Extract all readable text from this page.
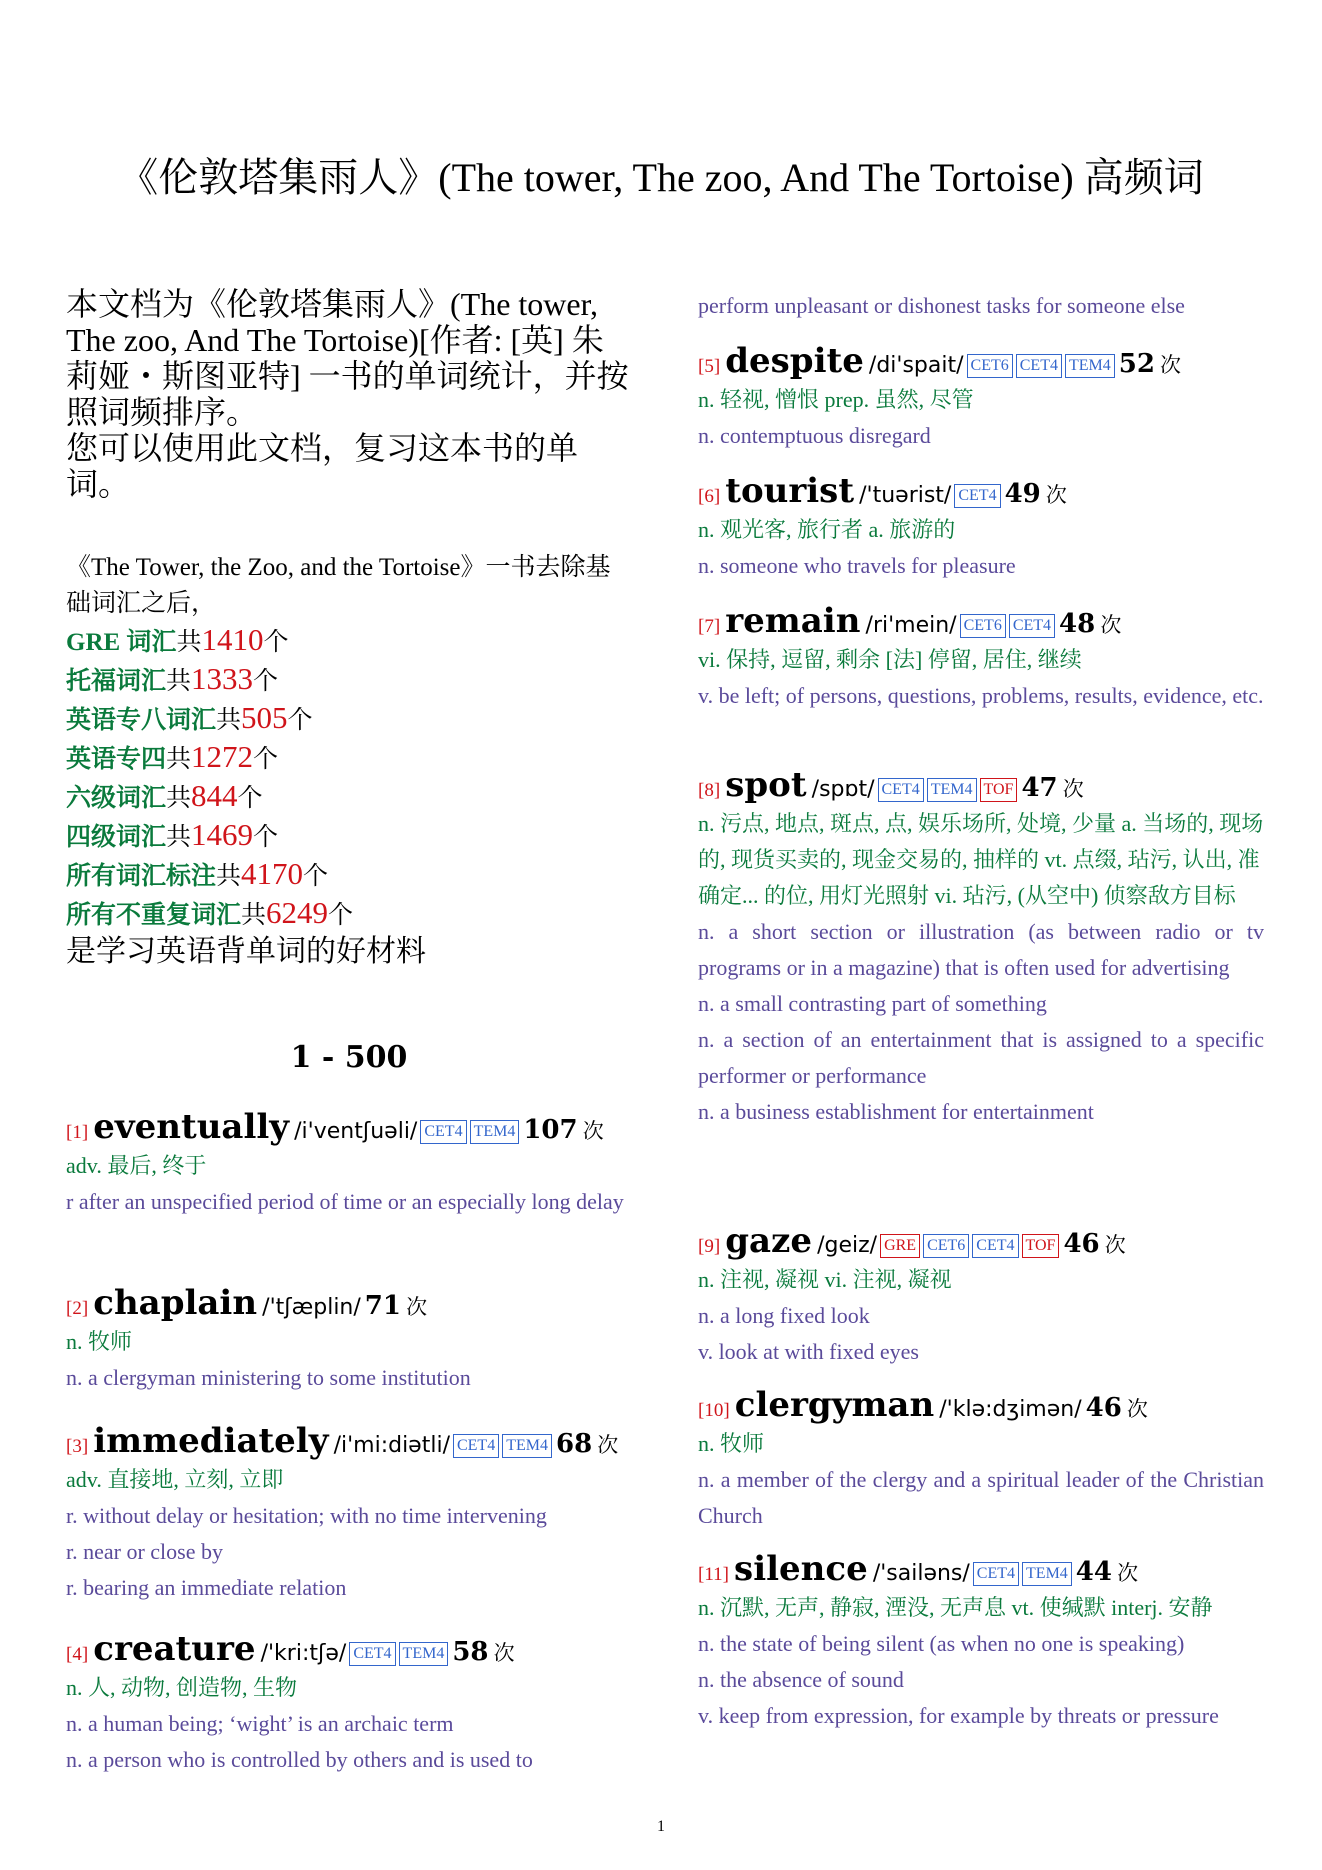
《伦敦塔集雨人》(The tower, The zoo, And The Tortoise) 高频词
本文档为《伦敦塔集雨人》(The tower, The zoo, And The Tortoise)[作者: [英] 朱莉娅・斯图亚特] 一书的单词统计，并按照词频排序。
您可以使用此文档，复习这本书的单词。
《The Tower, the Zoo, and the Tortoise》一书去除基础词汇之后，
GRE 词汇共1410个
托福词汇共1333个
英语专八词汇共505个
英语专四共1272个
六级词汇共844个
四级词汇共1469个
所有词汇标注共4170个
所有不重复词汇共6249个
是学习英语背单词的好材料
1 - 500
[1] eventually /i'ventʃuəli/ CET4 TEM4 107 次
adv. 最后, 终于
r after an unspecified period of time or an especially long delay
[2] chaplain /'tʃæplin/ 71 次
n. 牧师
n. a clergyman ministering to some institution
[3] immediately /i'mi:diətli/ CET4 TEM4 68 次
adv. 直接地, 立刻, 立即
r. without delay or hesitation; with no time intervening
r. near or close by
r. bearing an immediate relation
[4] creature /'kri:tʃə/ CET4 TEM4 58 次
n. 人, 动物, 创造物, 生物
n. a human being; ‘wight’ is an archaic term
n. a person who is controlled by others and is used to
perform unpleasant or dishonest tasks for someone else
[5] despite /di'spait/ CET6 CET4 TEM4 52 次
n. 轻视, 憎恨 prep. 虽然, 尽管
n. contemptuous disregard
[6] tourist /'tuərist/ CET4 49 次
n. 观光客, 旅行者 a. 旅游的
n. someone who travels for pleasure
[7] remain /ri'mein/ CET6 CET4 48 次
vi. 保持, 逗留, 剩余 [法] 停留, 居住, 继续
v. be left; of persons, questions, problems, results, evidence, etc.
[8] spot /spɒt/ CET4 TEM4 TOF 47 次
n. 污点, 地点, 斑点, 点, 娱乐场所, 处境, 少量 a. 当场的, 现场的, 现货买卖的, 现金交易的, 抽样的 vt. 点缀, 玷污, 认出, 准确定... 的位, 用灯光照射 vi. 玷污, (从空中) 侦察敌方目标
n. a short section or illustration (as between radio or tv programs or in a magazine) that is often used for advertising
n. a small contrasting part of something
n. a section of an entertainment that is assigned to a specific performer or performance
n. a business establishment for entertainment
[9] gaze /geiz/ GRE CET6 CET4 TOF 46 次
n. 注视, 凝视 vi. 注视, 凝视
n. a long fixed look
v. look at with fixed eyes
[10] clergyman /'klə:dʒimən/ 46 次
n. 牧师
n. a member of the clergy and a spiritual leader of the Christian Church
[11] silence /'sailəns/ CET4 TEM4 44 次
n. 沉默, 无声, 静寂, 湮没, 无声息 vt. 使缄默 interj. 安静
n. the state of being silent (as when no one is speaking)
n. the absence of sound
v. keep from expression, for example by threats or pressure
1
